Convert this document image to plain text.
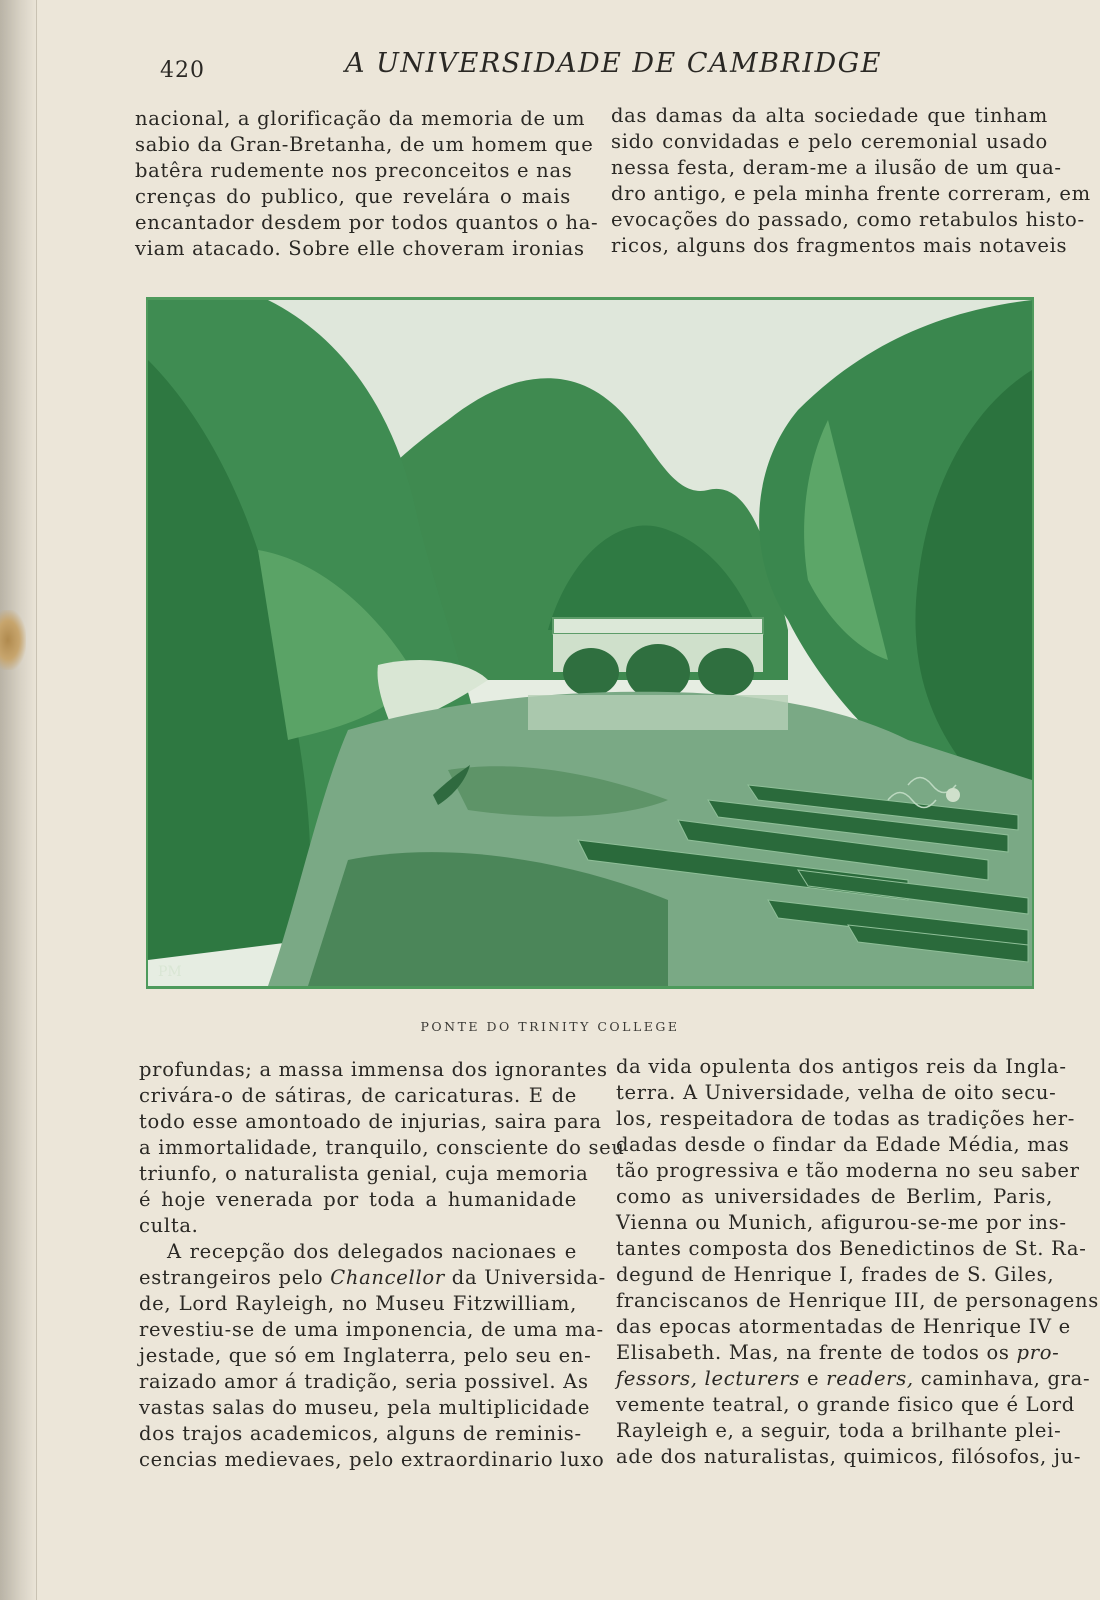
420	A UNIVERSIDADE DE CAMBRIDGE
nacional, a glorificação da memoria de um
sabio da Gran-Bretanha, de um homem que
batêra rudemente nos preconceitos e nas
crenças do publico, que revelára o mais
encantador desdem por todos quantos o ha-
viam atacado. Sobre elle choveram ironias
das damas da alta sociedade que tinham
sido convidadas e pelo ceremonial usado
nessa festa, deram-me a ilusão de um qua-
dro antigo, e pela minha frente correram, em
evocações do passado, como retabulos histo-
ricos, alguns dos fragmentos mais notaveis
PM
PONTE DO TRINITY COLLEGE
profundas; a massa immensa dos ignorantes
crivára-o de sátiras, de caricaturas. E de
todo esse amontoado de injurias, saira para
a immortalidade, tranquilo, consciente do seu
triunfo, o naturalista genial, cuja memoria
é hoje venerada por toda a humanidade
culta.
A recepção dos delegados nacionaes e
estrangeiros pelo Chancellor da Universida-
de, Lord Rayleigh, no Museu Fitzwilliam,
revestiu-se de uma imponencia, de uma ma-
jestade, que só em Inglaterra, pelo seu en-
raizado amor á tradição, seria possivel. As
vastas salas do museu, pela multiplicidade
dos trajos academicos, alguns de reminis-
cencias medievaes, pelo extraordinario luxo
da vida opulenta dos antigos reis da Ingla-
terra. A Universidade, velha de oito secu-
los, respeitadora de todas as tradições her-
dadas desde o findar da Edade Média, mas
tão progressiva e tão moderna no seu saber
como as universidades de Berlim, Paris,
Vienna ou Munich, afigurou-se-me por ins-
tantes composta dos Benedictinos de St. Ra-
degund de Henrique I, frades de S. Giles,
franciscanos de Henrique III, de personagens
das epocas atormentadas de Henrique IV e
Elisabeth. Mas, na frente de todos os pro-
fessors, lecturers e readers, caminhava, gra-
vemente teatral, o grande fisico que é Lord
Rayleigh e, a seguir, toda a brilhante plei-
ade dos naturalistas, quimicos, filósofos, ju-
